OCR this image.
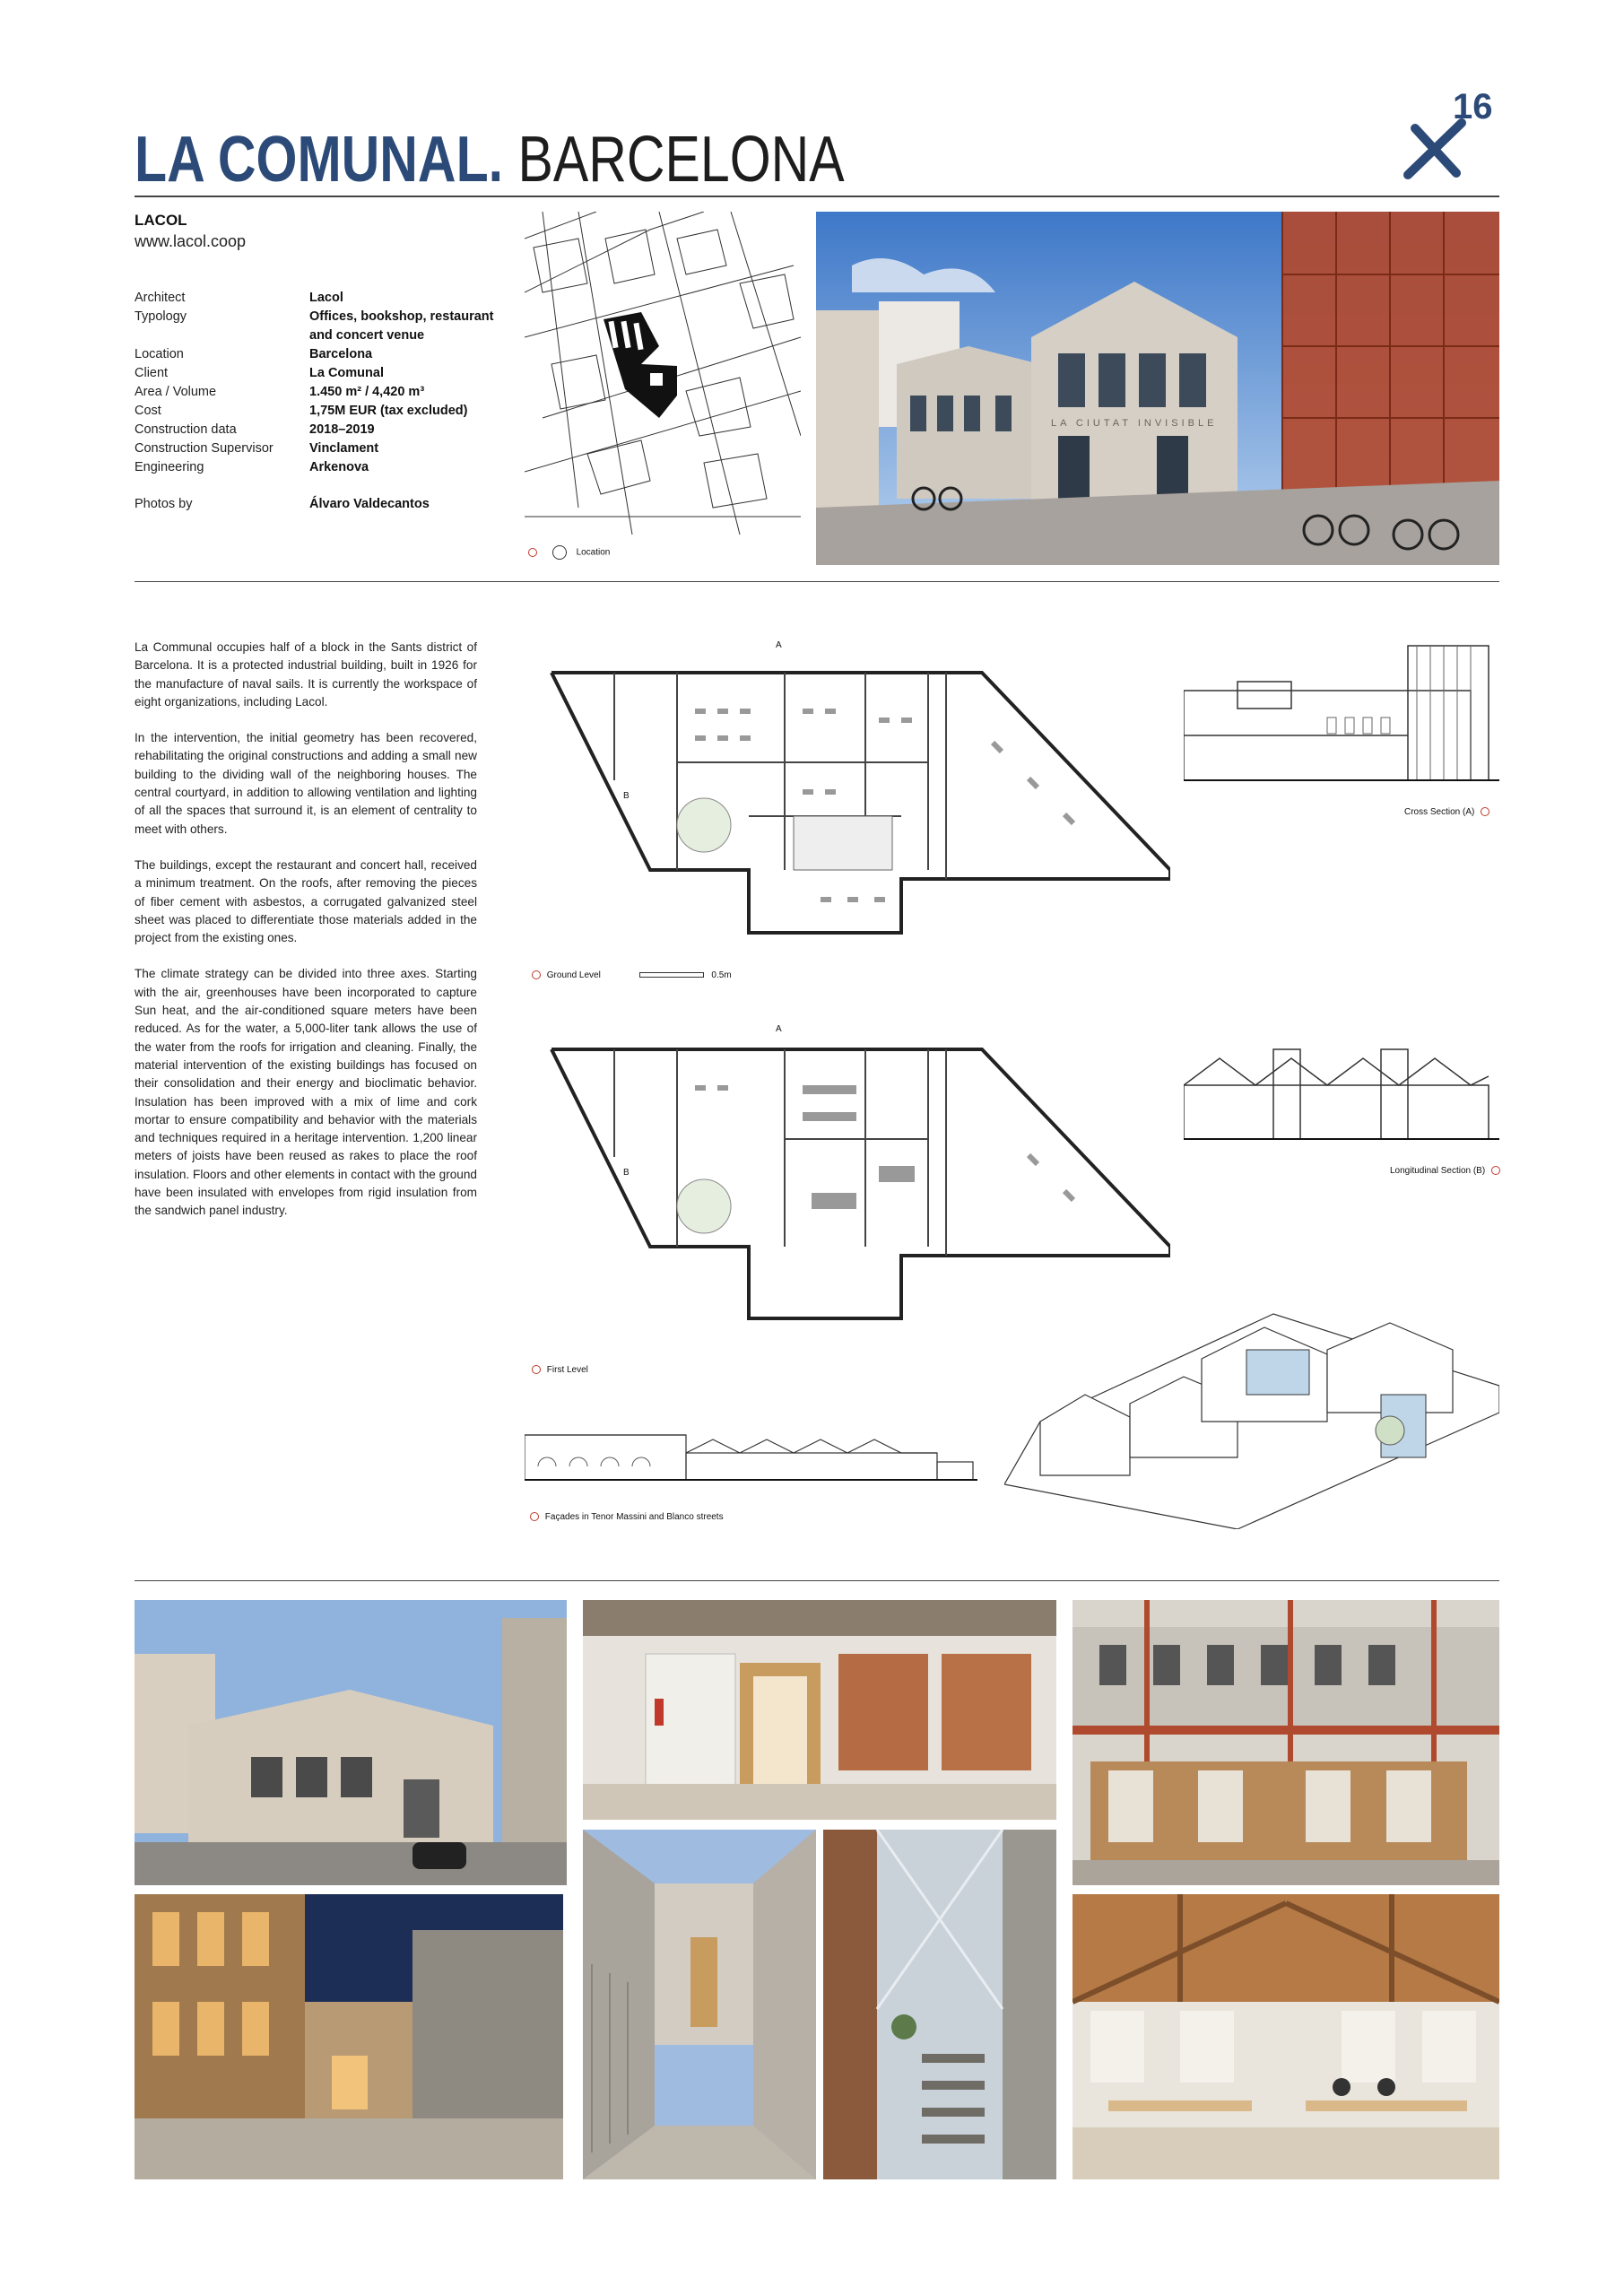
LA COMUNAL. BARCELONA
16
LACOL
www.lacol.coop
Architect	Lacol
Typology	Offices, bookshop, restaurant and concert venue
Location	Barcelona
Client	La Comunal
Area / Volume	1.450 m² / 4,420 m³
Cost	1,75M EUR (tax excluded)
Construction data	2018–2019
Construction Supervisor	Vinclament
Engineering	Arkenova
Photos by	Álvaro Valdecantos
Location
LA CIUTAT INVISIBLE

La Communal occupies half of a block in the Sants district of Barcelona. It is a protected industrial building, built in 1926 for the manufacture of naval sails. It is currently the workspace of eight organizations, including Lacol.

In the intervention, the initial geometry has been recovered, rehabilitating the original constructions and adding a small new building to the dividing wall of the neighboring houses. The central courtyard, in addition to allowing ventilation and lighting of all the spaces that surround it, is an element of centrality to meet with others.

The buildings, except the restaurant and concert hall, received a minimum treatment. On the roofs, after removing the pieces of fiber cement with asbestos, a corrugated galvanized steel sheet was placed to differentiate those materials added in the project from the existing ones.

The climate strategy can be divided into three axes. Starting with the air, greenhouses have been incorporated to capture Sun heat, and the air-conditioned square meters have been reduced. As for the water, a 5,000-liter tank allows the use of the water from the roofs for irrigation and cleaning. Finally, the material intervention of the existing buildings has focused on their consolidation and their energy and bioclimatic behavior. Insulation has been improved with a mix of lime and cork mortar to ensure compatibility and behavior with the materials and techniques required in a heritage intervention. 1,200 linear meters of joists have been reused as rakes to place the roof insulation. Floors and other elements in contact with the ground have been insulated with envelopes from rigid insulation from the sandwich panel industry.

A
B
Ground Level	0.5m
Cross Section (A)
A
B
First Level
Longitudinal Section (B)
Façades in Tenor Massini and Blanco streets
